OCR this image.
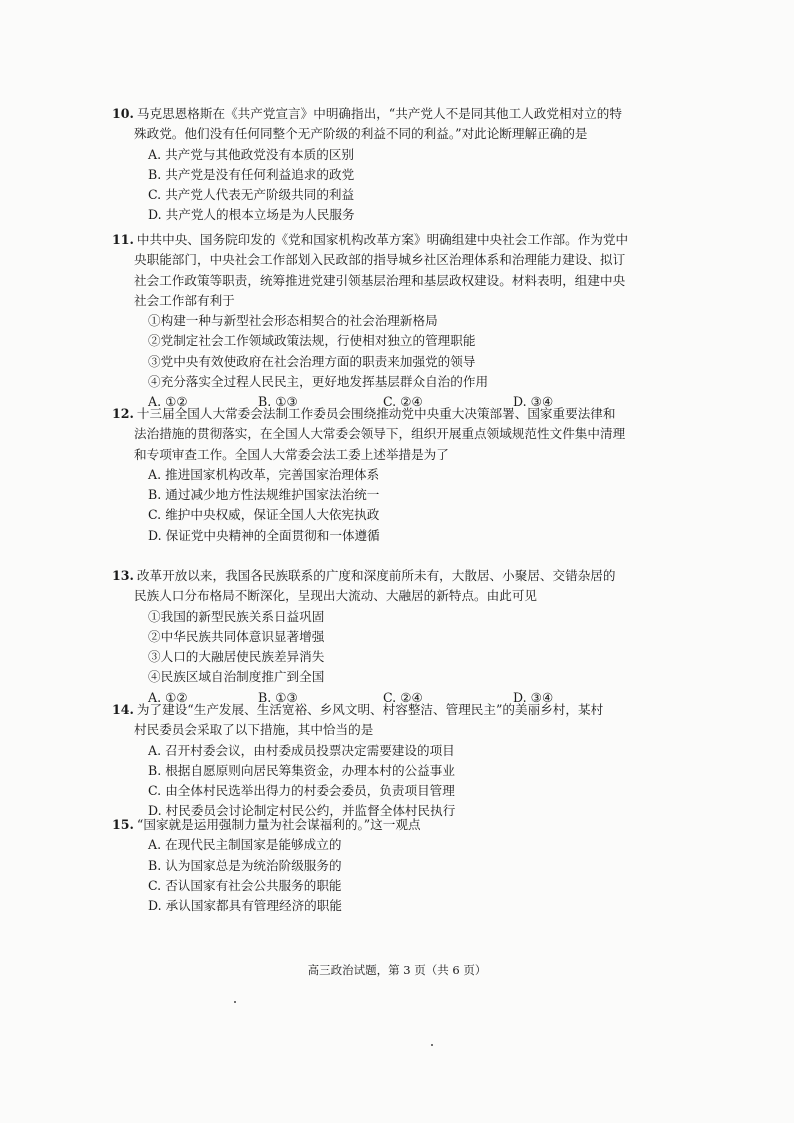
10. 马克思恩格斯在《共产党宣言》中明确指出，“共产党人不是同其他工人政党相对立的特

殊政党。他们没有任何同整个无产阶级的利益不同的利益。”对此论断理解正确的是

A. 共产党与其他政党没有本质的区别

B. 共产党是没有任何利益追求的政党

C. 共产党人代表无产阶级共同的利益

D. 共产党人的根本立场是为人民服务

11. 中共中央、国务院印发的《党和国家机构改革方案》明确组建中央社会工作部。作为党中

央职能部门，中央社会工作部划入民政部的指导城乡社区治理体系和治理能力建设、拟订

社会工作政策等职责，统筹推进党建引领基层治理和基层政权建设。材料表明，组建中央

社会工作部有利于

①构建一种与新型社会形态相契合的社会治理新格局

②党制定社会工作领域政策法规，行使相对独立的管理职能

③党中央有效使政府在社会治理方面的职责来加强党的领导

④充分落实全过程人民民主，更好地发挥基层群众自治的作用

A. ①②	B. ①③	C. ②④	D. ③④

12. 十三届全国人大常委会法制工作委员会围绕推动党中央重大决策部署、国家重要法律和

法治措施的贯彻落实，在全国人大常委会领导下，组织开展重点领域规范性文件集中清理

和专项审查工作。全国人大常委会法工委上述举措是为了

A. 推进国家机构改革，完善国家治理体系

B. 通过减少地方性法规维护国家法治统一

C. 维护中央权威，保证全国人大依宪执政

D. 保证党中央精神的全面贯彻和一体遵循

13. 改革开放以来，我国各民族联系的广度和深度前所未有，大散居、小聚居、交错杂居的

民族人口分布格局不断深化，呈现出大流动、大融居的新特点。由此可见

①我国的新型民族关系日益巩固

②中华民族共同体意识显著增强

③人口的大融居使民族差异消失

④民族区域自治制度推广到全国

A. ①②	B. ①③	C. ②④	D. ③④

14. 为了建设“生产发展、生活宽裕、乡风文明、村容整洁、管理民主”的美丽乡村，某村

村民委员会采取了以下措施，其中恰当的是

A. 召开村委会议，由村委成员投票决定需要建设的项目

B. 根据自愿原则向居民筹集资金，办理本村的公益事业

C. 由全体村民选举出得力的村委会委员，负责项目管理

D. 村民委员会讨论制定村民公约，并监督全体村民执行

15. “国家就是运用强制力量为社会谋福利的。”这一观点

A. 在现代民主制国家是能够成立的

B. 认为国家总是为统治阶级服务的

C. 否认国家有社会公共服务的职能

D. 承认国家都具有管理经济的职能

高三政治试题，第 3 页（共 6 页）
